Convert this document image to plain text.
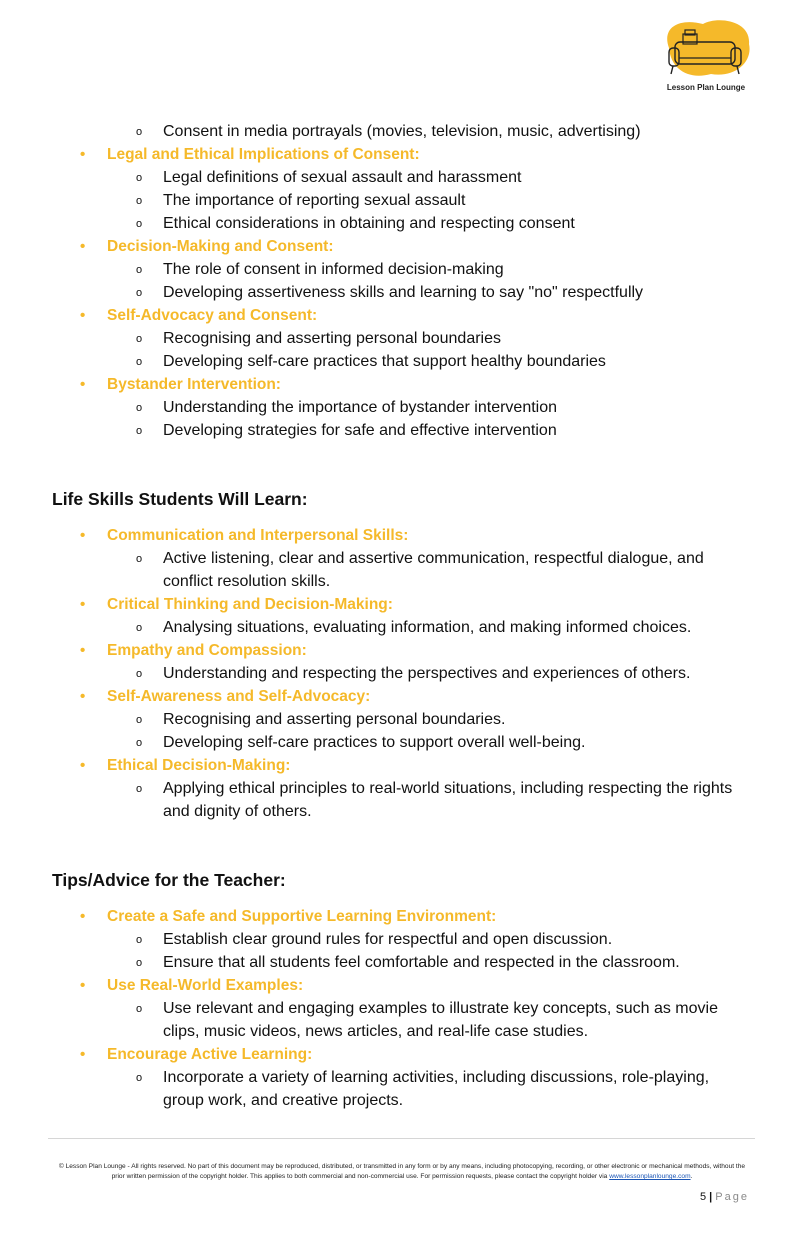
Lesson Plan Lounge
o Consent in media portrayals (movies, television, music, advertising)
• Legal and Ethical Implications of Consent:
o Legal definitions of sexual assault and harassment
o The importance of reporting sexual assault
o Ethical considerations in obtaining and respecting consent
• Decision-Making and Consent:
o The role of consent in informed decision-making
o Developing assertiveness skills and learning to say "no" respectfully
• Self-Advocacy and Consent:
o Recognising and asserting personal boundaries
o Developing self-care practices that support healthy boundaries
• Bystander Intervention:
o Understanding the importance of bystander intervention
o Developing strategies for safe and effective intervention
Life Skills Students Will Learn:
• Communication and Interpersonal Skills:
o Active listening, clear and assertive communication, respectful dialogue, and conflict resolution skills.
• Critical Thinking and Decision-Making:
o Analysing situations, evaluating information, and making informed choices.
• Empathy and Compassion:
o Understanding and respecting the perspectives and experiences of others.
• Self-Awareness and Self-Advocacy:
o Recognising and asserting personal boundaries.
o Developing self-care practices to support overall well-being.
• Ethical Decision-Making:
o Applying ethical principles to real-world situations, including respecting the rights and dignity of others.
Tips/Advice for the Teacher:
• Create a Safe and Supportive Learning Environment:
o Establish clear ground rules for respectful and open discussion.
o Ensure that all students feel comfortable and respected in the classroom.
• Use Real-World Examples:
o Use relevant and engaging examples to illustrate key concepts, such as movie clips, music videos, news articles, and real-life case studies.
• Encourage Active Learning:
o Incorporate a variety of learning activities, including discussions, role-playing, group work, and creative projects.
© Lesson Plan Lounge - All rights reserved. No part of this document may be reproduced, distributed, or transmitted in any form or by any means, including photocopying, recording, or other electronic or mechanical methods, without the prior written permission of the copyright holder. This applies to both commercial and non-commercial use. For permission requests, please contact the copyright holder via www.lessonplanlounge.com.
5 | Page
